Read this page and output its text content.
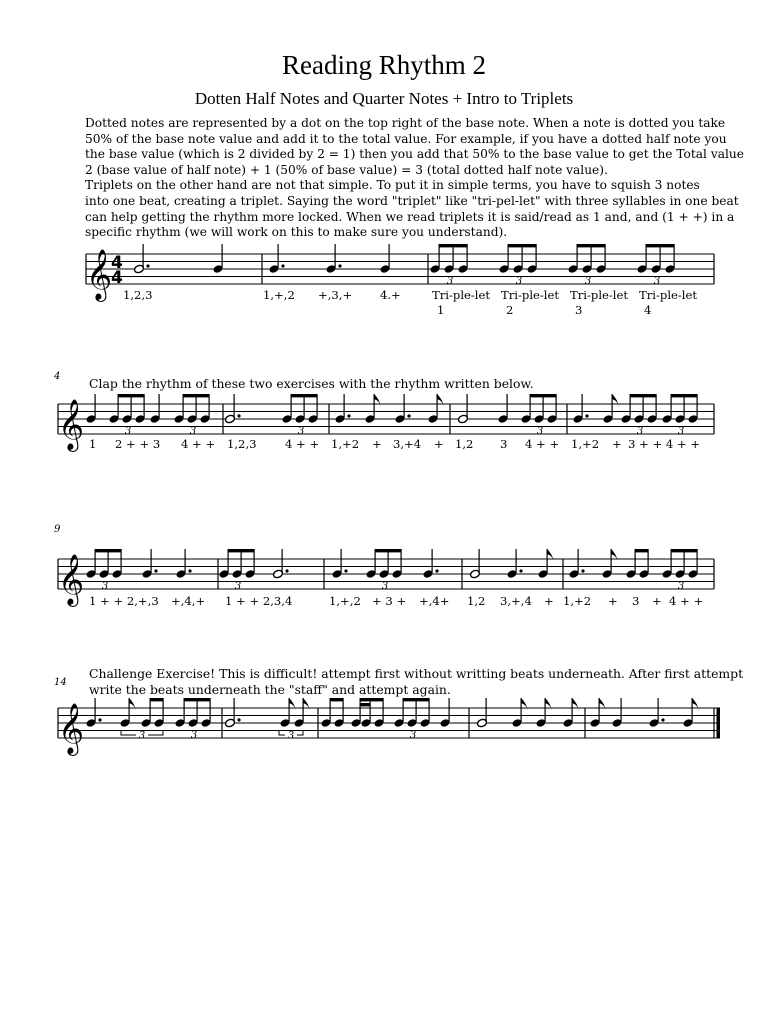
Reading Rhythm 2
Dotten Half Notes and Quarter Notes + Intro to Triplets
Dotted notes are represented by a dot on the top right of the base note. When a note is dotted you take
50% of the base note value and add it to the total value. For example, if you have a dotted half note you
the base value (which is 2 divided by 2 = 1) then you add that 50% to the base value to get the Total value
2 (base value of half note) + 1 (50% of base value) = 3 (total dotted half note value).
Triplets on the other hand are not that simple. To put it in simple terms, you have to squish 3 notes
into one beat, creating a triplet. Saying the word "triplet" like "tri-pel-let" with three syllables in one beat
can help getting the rhythm more locked. When we read triplets it is said/read as 1 and, and (1 + +) in a
specific rhythm (we will work on this to make sure you understand).
𝄞
4
4	3	3	3	3
1,2,3	1,+,2 +,3,+ 4.+	Tri-ple-let Tri-ple-let Tri-ple-let Tri-ple-let
1	2	3	4
4 Clap the rhythm of these two exercises with the rhythm written below.
𝄞	3	3	3	3	3	3
1 2 + + 3 4 + + 1,2,3 4 + + 1,+2 + 3,+4 + 1,2 3 4 + + 1,+2 + 3 + + 4 + +
9
𝄞 3	3	3	3
1 + + 2,+,3 +,4,+ 1 + + 2,3,4	1,+,2 + 3 + +,4+ 1,2 3,+,4 + 1,+2 + 3 + 4 + +
14
Challenge Exercise! This is difficult! attempt first without writting beats underneath. After first attempt
write the beats underneath the "staff" and attempt again.
𝄞	3	3	3	3
